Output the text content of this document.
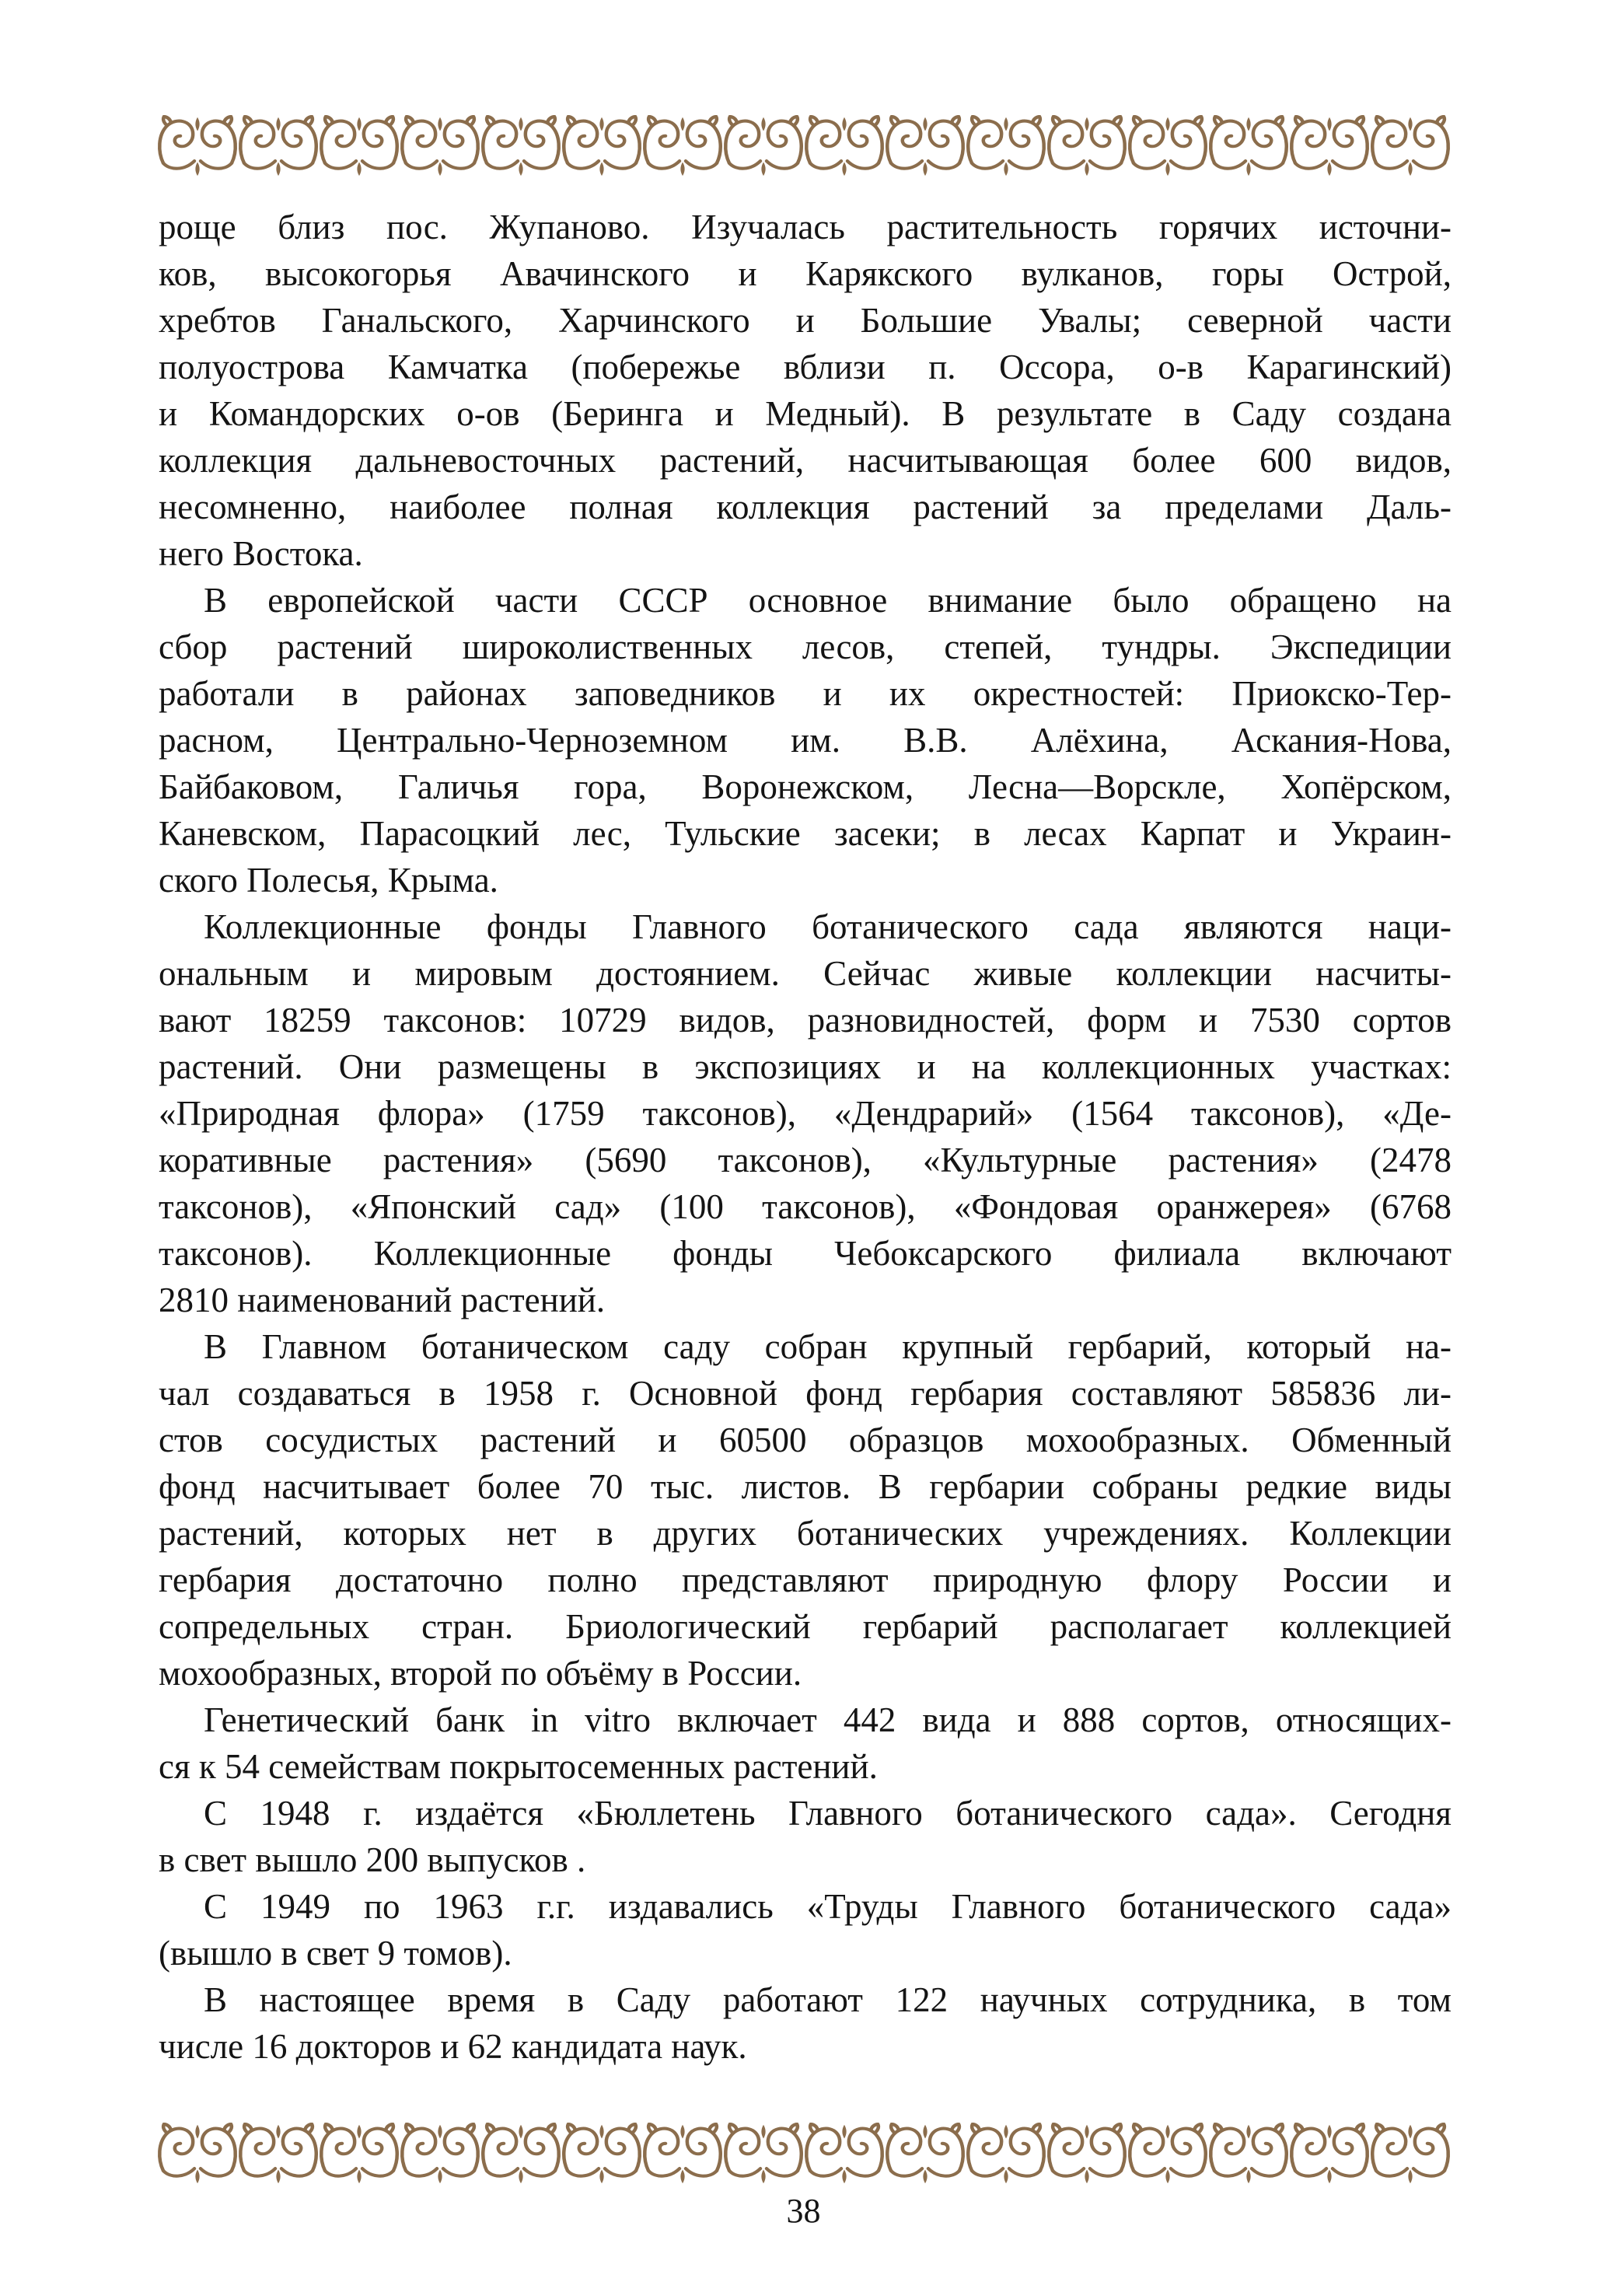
роще близ пос. Жупаново. Изучалась растительность горячих источни-
ков, высокогорья Авачинского и Карякского вулканов, горы Острой,
хребтов Ганальского, Харчинского и Большие Увалы; северной части
полуострова Камчатка (побережье вблизи п. Оссора, о-в Карагинский)
и Командорских о-ов (Беринга и Медный). В результате в Саду создана
коллекция дальневосточных растений, насчитывающая более 600 видов,
несомненно, наиболее полная коллекция растений за пределами Даль-
него Востока.
В европейской части СССР основное внимание было обращено на
сбор растений широколиственных лесов, степей, тундры. Экспедиции
работали в районах заповедников и их окрестностей: Приокско-Тер-
расном, Центрально-Черноземном им. В.В. Алёхина, Аскания-Нова,
Байбаковом, Галичья гора, Воронежском, Лесна—Ворскле, Хопёрском,
Каневском, Парасоцкий лес, Тульские засеки; в лесах Карпат и Украин-
ского Полесья, Крыма.
Коллекционные фонды Главного ботанического сада являются наци-
ональным и мировым достоянием. Сейчас живые коллекции насчиты-
вают 18259 таксонов: 10729 видов, разновидностей, форм и 7530 сортов
растений. Они размещены в экспозициях и на коллекционных участках:
«Природная флора» (1759 таксонов), «Дендрарий» (1564 таксонов), «Де-
коративные растения» (5690 таксонов), «Культурные растения» (2478
таксонов), «Японский сад» (100 таксонов), «Фондовая оранжерея» (6768
таксонов). Коллекционные фонды Чебоксарского филиала включают
2810 наименований растений.
В Главном ботаническом саду собран крупный гербарий, который на-
чал создаваться в 1958 г. Основной фонд гербария составляют 585836 ли-
стов сосудистых растений и 60500 образцов мохообразных. Обменный
фонд насчитывает более 70 тыс. листов. В гербарии собраны редкие виды
растений, которых нет в других ботанических учреждениях. Коллекции
гербария достаточно полно представляют природную флору России и
сопредельных стран. Бриологический гербарий располагает коллекцией
мохообразных, второй по объёму в России.
Генетический банк in vitro включает 442 вида и 888 сортов, относящих-
ся к 54 семействам покрытосеменных растений.
С 1948 г. издаётся «Бюллетень Главного ботанического сада». Сегодня
в свет вышло 200 выпусков .
С 1949 по 1963 г.г. издавались «Труды Главного ботанического сада»
(вышло в свет 9 томов).
В настоящее время в Саду работают 122 научных сотрудника, в том
числе 16 докторов и 62 кандидата наук.
38
